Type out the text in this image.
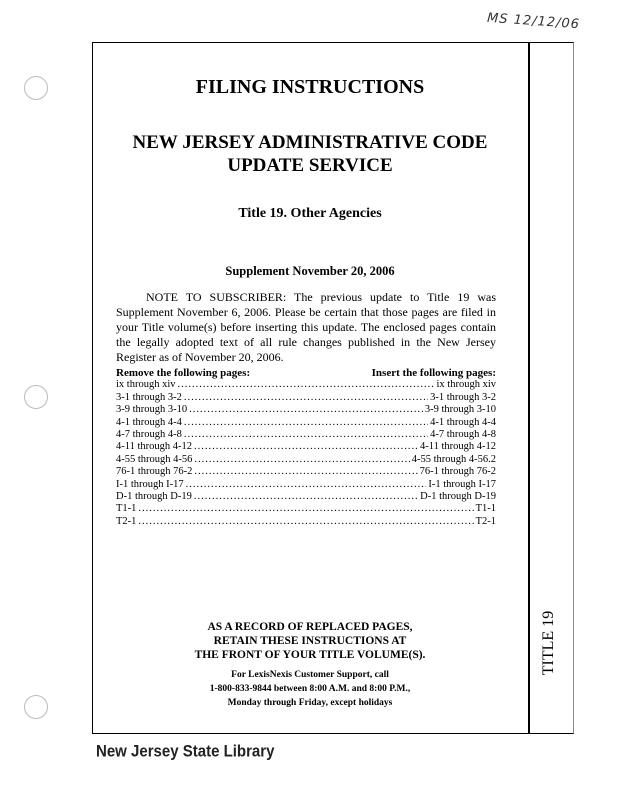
MS 12/12/06
TITLE 19
FILING INSTRUCTIONS
NEW JERSEY ADMINISTRATIVE CODE
UPDATE SERVICE
Title 19. Other Agencies
Supplement November 20, 2006

NOTE TO SUBSCRIBER: The previous update to Title 19 was Supplement November 6, 2006. Please be certain that those pages are filed in your Title volume(s) before inserting this update. The enclosed pages contain the legally adopted text of all rule changes published in the New Jersey Register as of November 20, 2006.

Remove the following pages:	Insert the following pages:
ix through xiv .....	ix through xiv
3-1 through 3-2 .....	3-1 through 3-2
3-9 through 3-10 .....	3-9 through 3-10
4-1 through 4-4 .....	4-1 through 4-4
4-7 through 4-8 .....	4-7 through 4-8
4-11 through 4-12 .....	4-11 through 4-12
4-55 through 4-56 .....	4-55 through 4-56.2
76-1 through 76-2 .....	76-1 through 76-2
I-1 through I-17 .....	I-1 through I-17
D-1 through D-19 .....	D-1 through D-19
T1-1 .....	T1-1
T2-1 .....	T2-1
AS A RECORD OF REPLACED PAGES,
RETAIN THESE INSTRUCTIONS AT
THE FRONT OF YOUR TITLE VOLUME(S).
For LexisNexis Customer Support, call
1-800-833-9844 between 8:00 A.M. and 8:00 P.M.,
Monday through Friday, except holidays
New Jersey State Library
